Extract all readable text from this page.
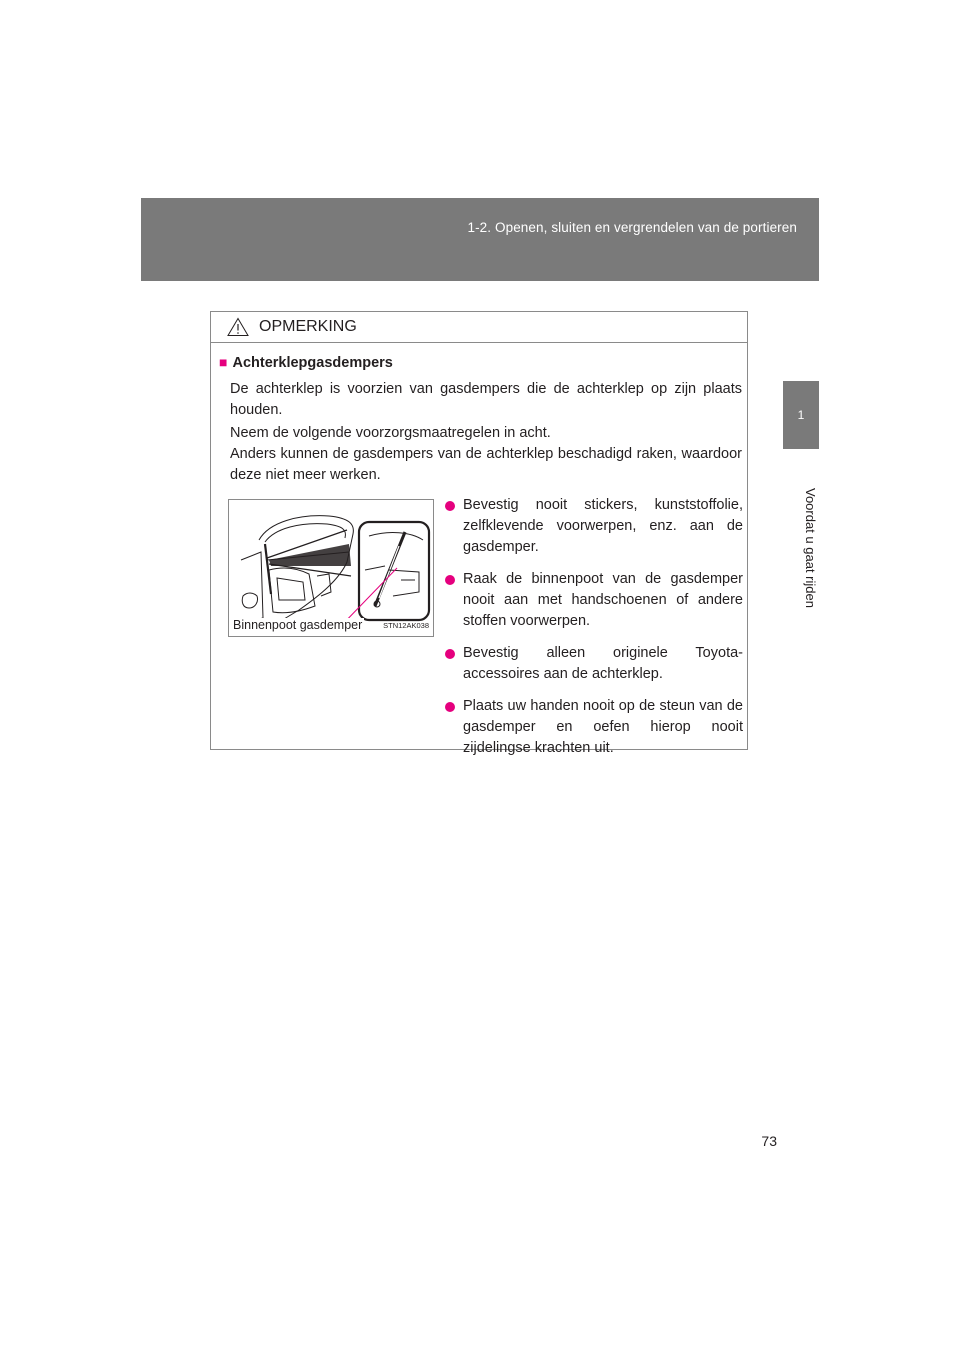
1-2. Openen, sluiten en vergrendelen van de portieren
1
Voordat u gaat rijden
OPMERKING
■ Achterklepgasdempers
De achterklep is voorzien van gasdempers die de achterklep op zijn plaats houden.
Neem de volgende voorzorgsmaatregelen in acht.
Anders kunnen de gasdempers van de achterklep beschadigd raken, waardoor deze niet meer werken.
Binnenpoot gasdemper	STN12AK038
Bevestig nooit stickers, kunststoffolie, zelfklevende voorwerpen, enz. aan de gasdemper.
Raak de binnenpoot van de gasdemper nooit aan met handschoenen of andere stoffen voorwerpen.
Bevestig alleen originele Toyota-accessoires aan de achterklep.
Plaats uw handen nooit op de steun van de gasdemper en oefen hierop nooit zijdelingse krachten uit.
73
